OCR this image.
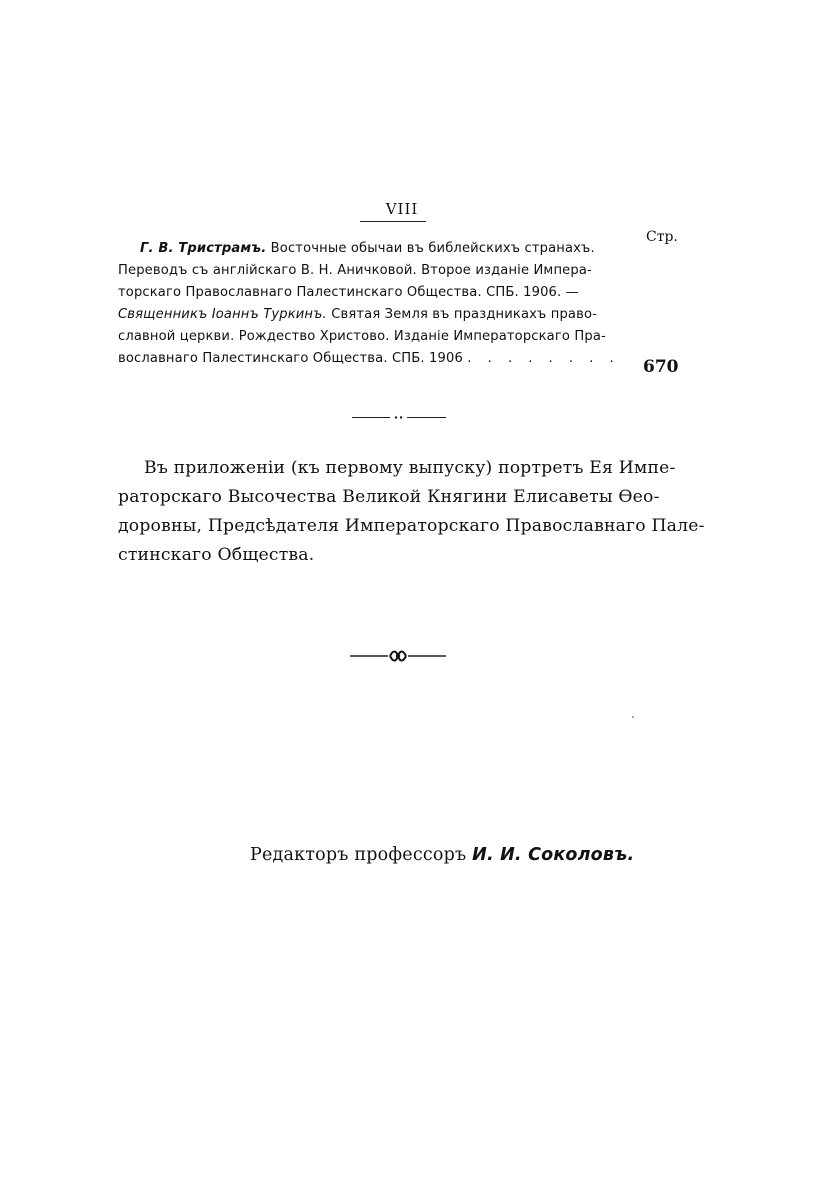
VIII
Стр.
Г. В. Тристрамъ. Восточные обычаи въ библейскихъ странахъ.
Переводъ съ англійскаго В. Н. Аничковой. Второе изданіе Импера-
торскаго Православнаго Палестинскаго Общества. СПБ. 1906. —
Священникъ Іоаннъ Туркинъ. Святая Земля въ праздникахъ право-
славной церкви. Рождество Христово. Изданіе Императорскаго Пра-
вославнаго Палестинскаго Общества. СПБ. 1906 . . . . . . . .	670
Въ приложеніи (къ первому выпуску) портретъ Ея Импе-
раторскаго Высочества Великой Княгини Елисаветы Ѳео-
доровны, Предсѣдателя Императорскаго Православнаго Пале-
стинскаго Общества.
Редакторъ профессоръ И. И. Соколовъ.
